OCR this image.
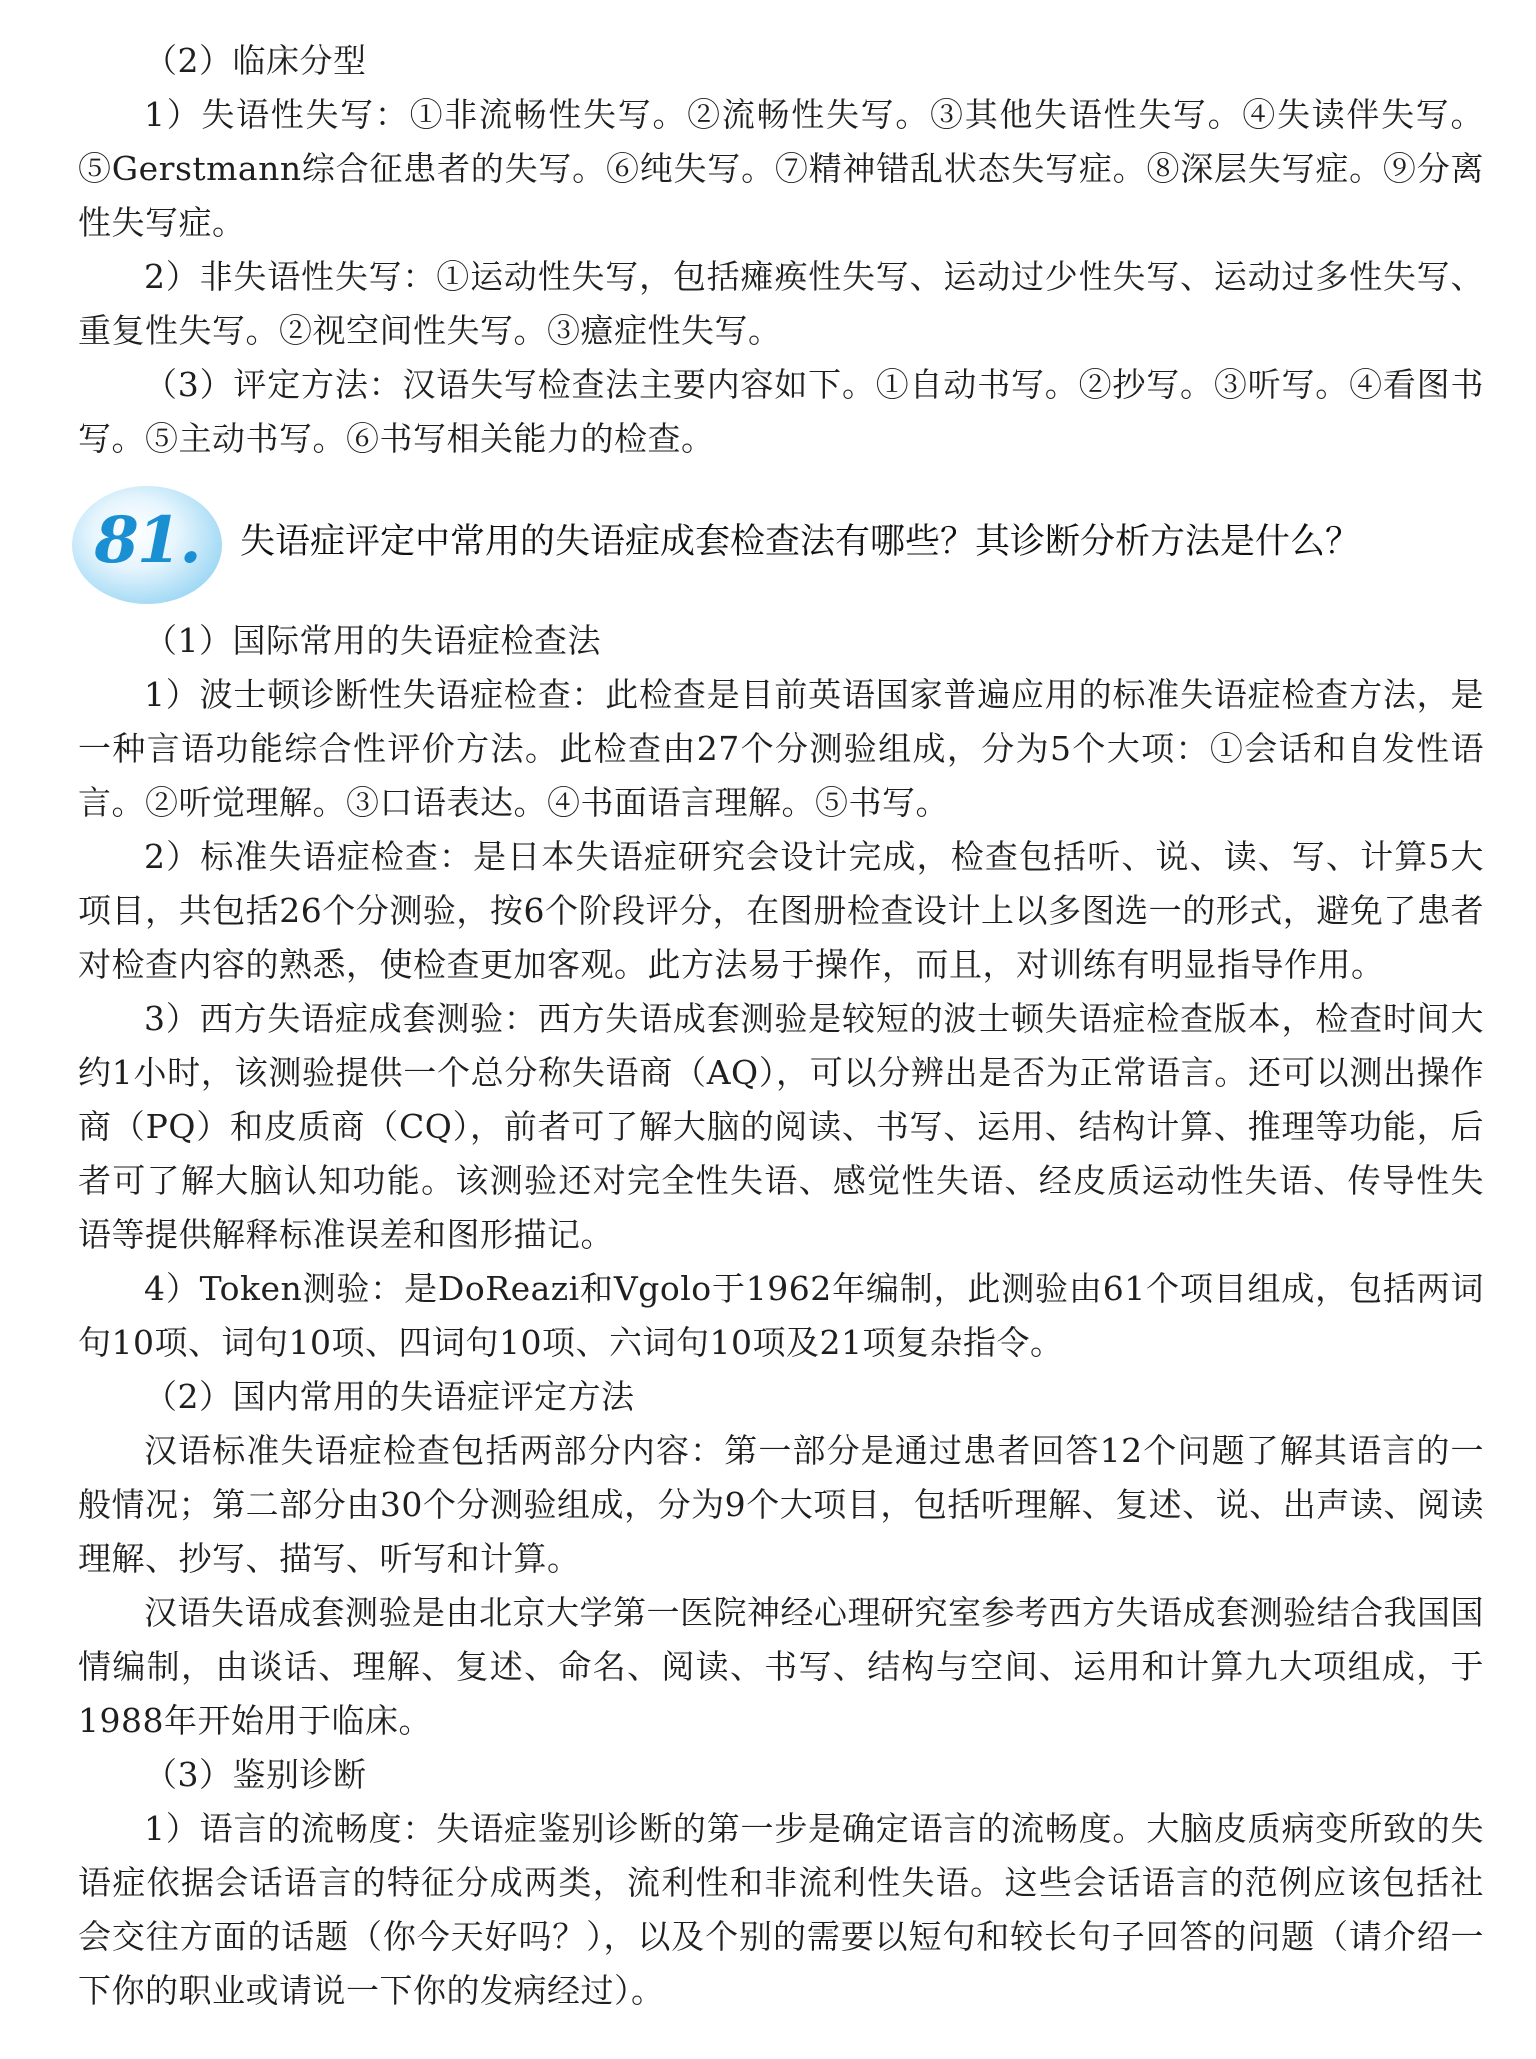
（2）临床分型

1）失语性失写：①非流畅性失写。②流畅性失写。③其他失语性失写。④失读伴失写。⑤Gerstmann综合征患者的失写。⑥纯失写。⑦精神错乱状态失写症。⑧深层失写症。⑨分离性失写症。

2）非失语性失写：①运动性失写，包括瘫痪性失写、运动过少性失写、运动过多性失写、重复性失写。②视空间性失写。③癔症性失写。

（3）评定方法：汉语失写检查法主要内容如下。①自动书写。②抄写。③听写。④看图书写。⑤主动书写。⑥书写相关能力的检查。

81.	失语症评定中常用的失语症成套检查法有哪些？其诊断分析方法是什么？

（1）国际常用的失语症检查法

1）波士顿诊断性失语症检查：此检查是目前英语国家普遍应用的标准失语症检查方法，是一种言语功能综合性评价方法。此检查由27个分测验组成，分为5个大项：①会话和自发性语言。②听觉理解。③口语表达。④书面语言理解。⑤书写。

2）标准失语症检查：是日本失语症研究会设计完成，检查包括听、说、读、写、计算5大项目，共包括26个分测验，按6个阶段评分，在图册检查设计上以多图选一的形式，避免了患者对检查内容的熟悉，使检查更加客观。此方法易于操作，而且，对训练有明显指导作用。

3）西方失语症成套测验：西方失语成套测验是较短的波士顿失语症检查版本，检查时间大约1小时，该测验提供一个总分称失语商（AQ），可以分辨出是否为正常语言。还可以测出操作商（PQ）和皮质商（CQ），前者可了解大脑的阅读、书写、运用、结构计算、推理等功能，后者可了解大脑认知功能。该测验还对完全性失语、感觉性失语、经皮质运动性失语、传导性失语等提供解释标准误差和图形描记。

4）Token测验：是DoReazi和Vgolo于1962年编制，此测验由61个项目组成，包括两词句10项、词句10项、四词句10项、六词句10项及21项复杂指令。

（2）国内常用的失语症评定方法

汉语标准失语症检查包括两部分内容：第一部分是通过患者回答12个问题了解其语言的一般情况；第二部分由30个分测验组成，分为9个大项目，包括听理解、复述、说、出声读、阅读理解、抄写、描写、听写和计算。

汉语失语成套测验是由北京大学第一医院神经心理研究室参考西方失语成套测验结合我国国情编制，由谈话、理解、复述、命名、阅读、书写、结构与空间、运用和计算九大项组成，于1988年开始用于临床。

（3）鉴别诊断

1）语言的流畅度：失语症鉴别诊断的第一步是确定语言的流畅度。大脑皮质病变所致的失语症依据会话语言的特征分成两类，流利性和非流利性失语。这些会话语言的范例应该包括社会交往方面的话题（你今天好吗？），以及个别的需要以短句和较长句子回答的问题（请介绍一下你的职业或请说一下你的发病经过）。
